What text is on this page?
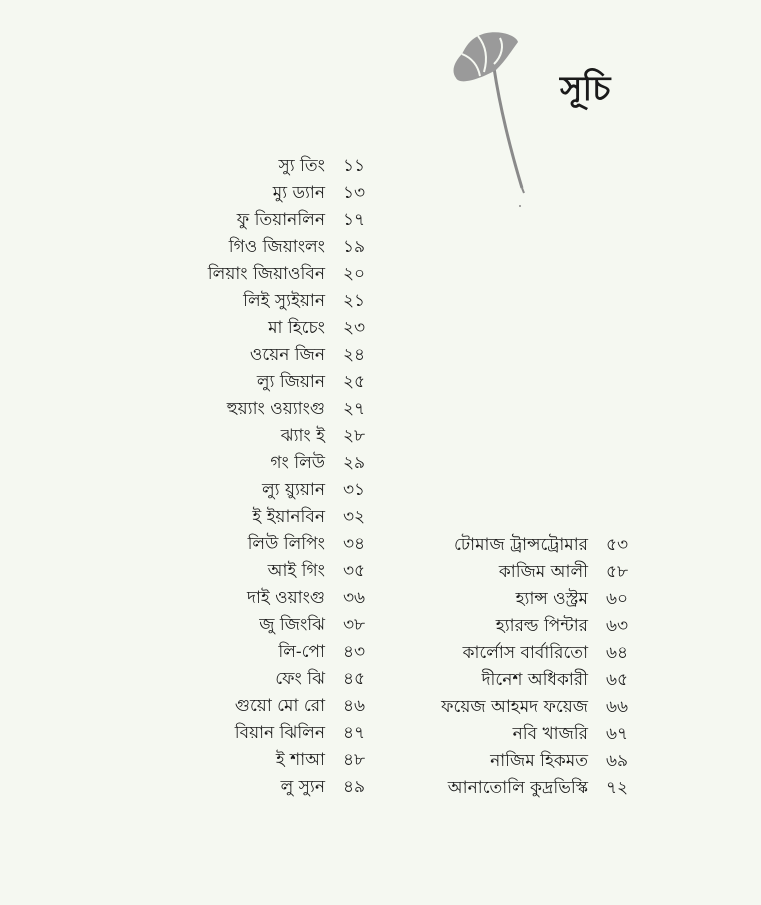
সূচি
স্যু তিং	১১
ম্যু ড্যান	১৩
ফু তিয়ানলিন	১৭
গিও জিয়াংলং	১৯
লিয়াং জিয়াওবিন	২০
লিই স্যুইয়ান	২১
মা হিচেং	২৩
ওয়েন জিন	২৪
ল্যু জিয়ান	২৫
হুয়্যাং ওয়্যাংগু	২৭
ঝ্যাং ই	২৮
গং লিউ	২৯
ল্যু য়্যুয়ান	৩১
ই ইয়ানবিন	৩২
লিউ লিপিং	৩৪
আই গিং	৩৫
দাই ওয়াংগু	৩৬
জু জিংঝি	৩৮
লি-পো	৪৩
ফেং ঝি	৪৫
গুয়ো মো রো	৪৬
বিয়ান ঝিলিন	৪৭
ই শাআ	৪৮
লু স্যুন	৪৯
টোমাজ ট্রান্সট্রোমার	৫৩
কাজিম আলী	৫৮
হ্যান্স ওস্ট্রম	৬০
হ্যারল্ড পিন্টার	৬৩
কার্লোস বার্বারিতো	৬৪
দীনেশ অধিকারী	৬৫
ফয়েজ আহমদ ফয়েজ	৬৬
নবি খাজরি	৬৭
নাজিম হিকমত	৬৯
আনাতোলি কুদ্রভিস্কি	৭২
